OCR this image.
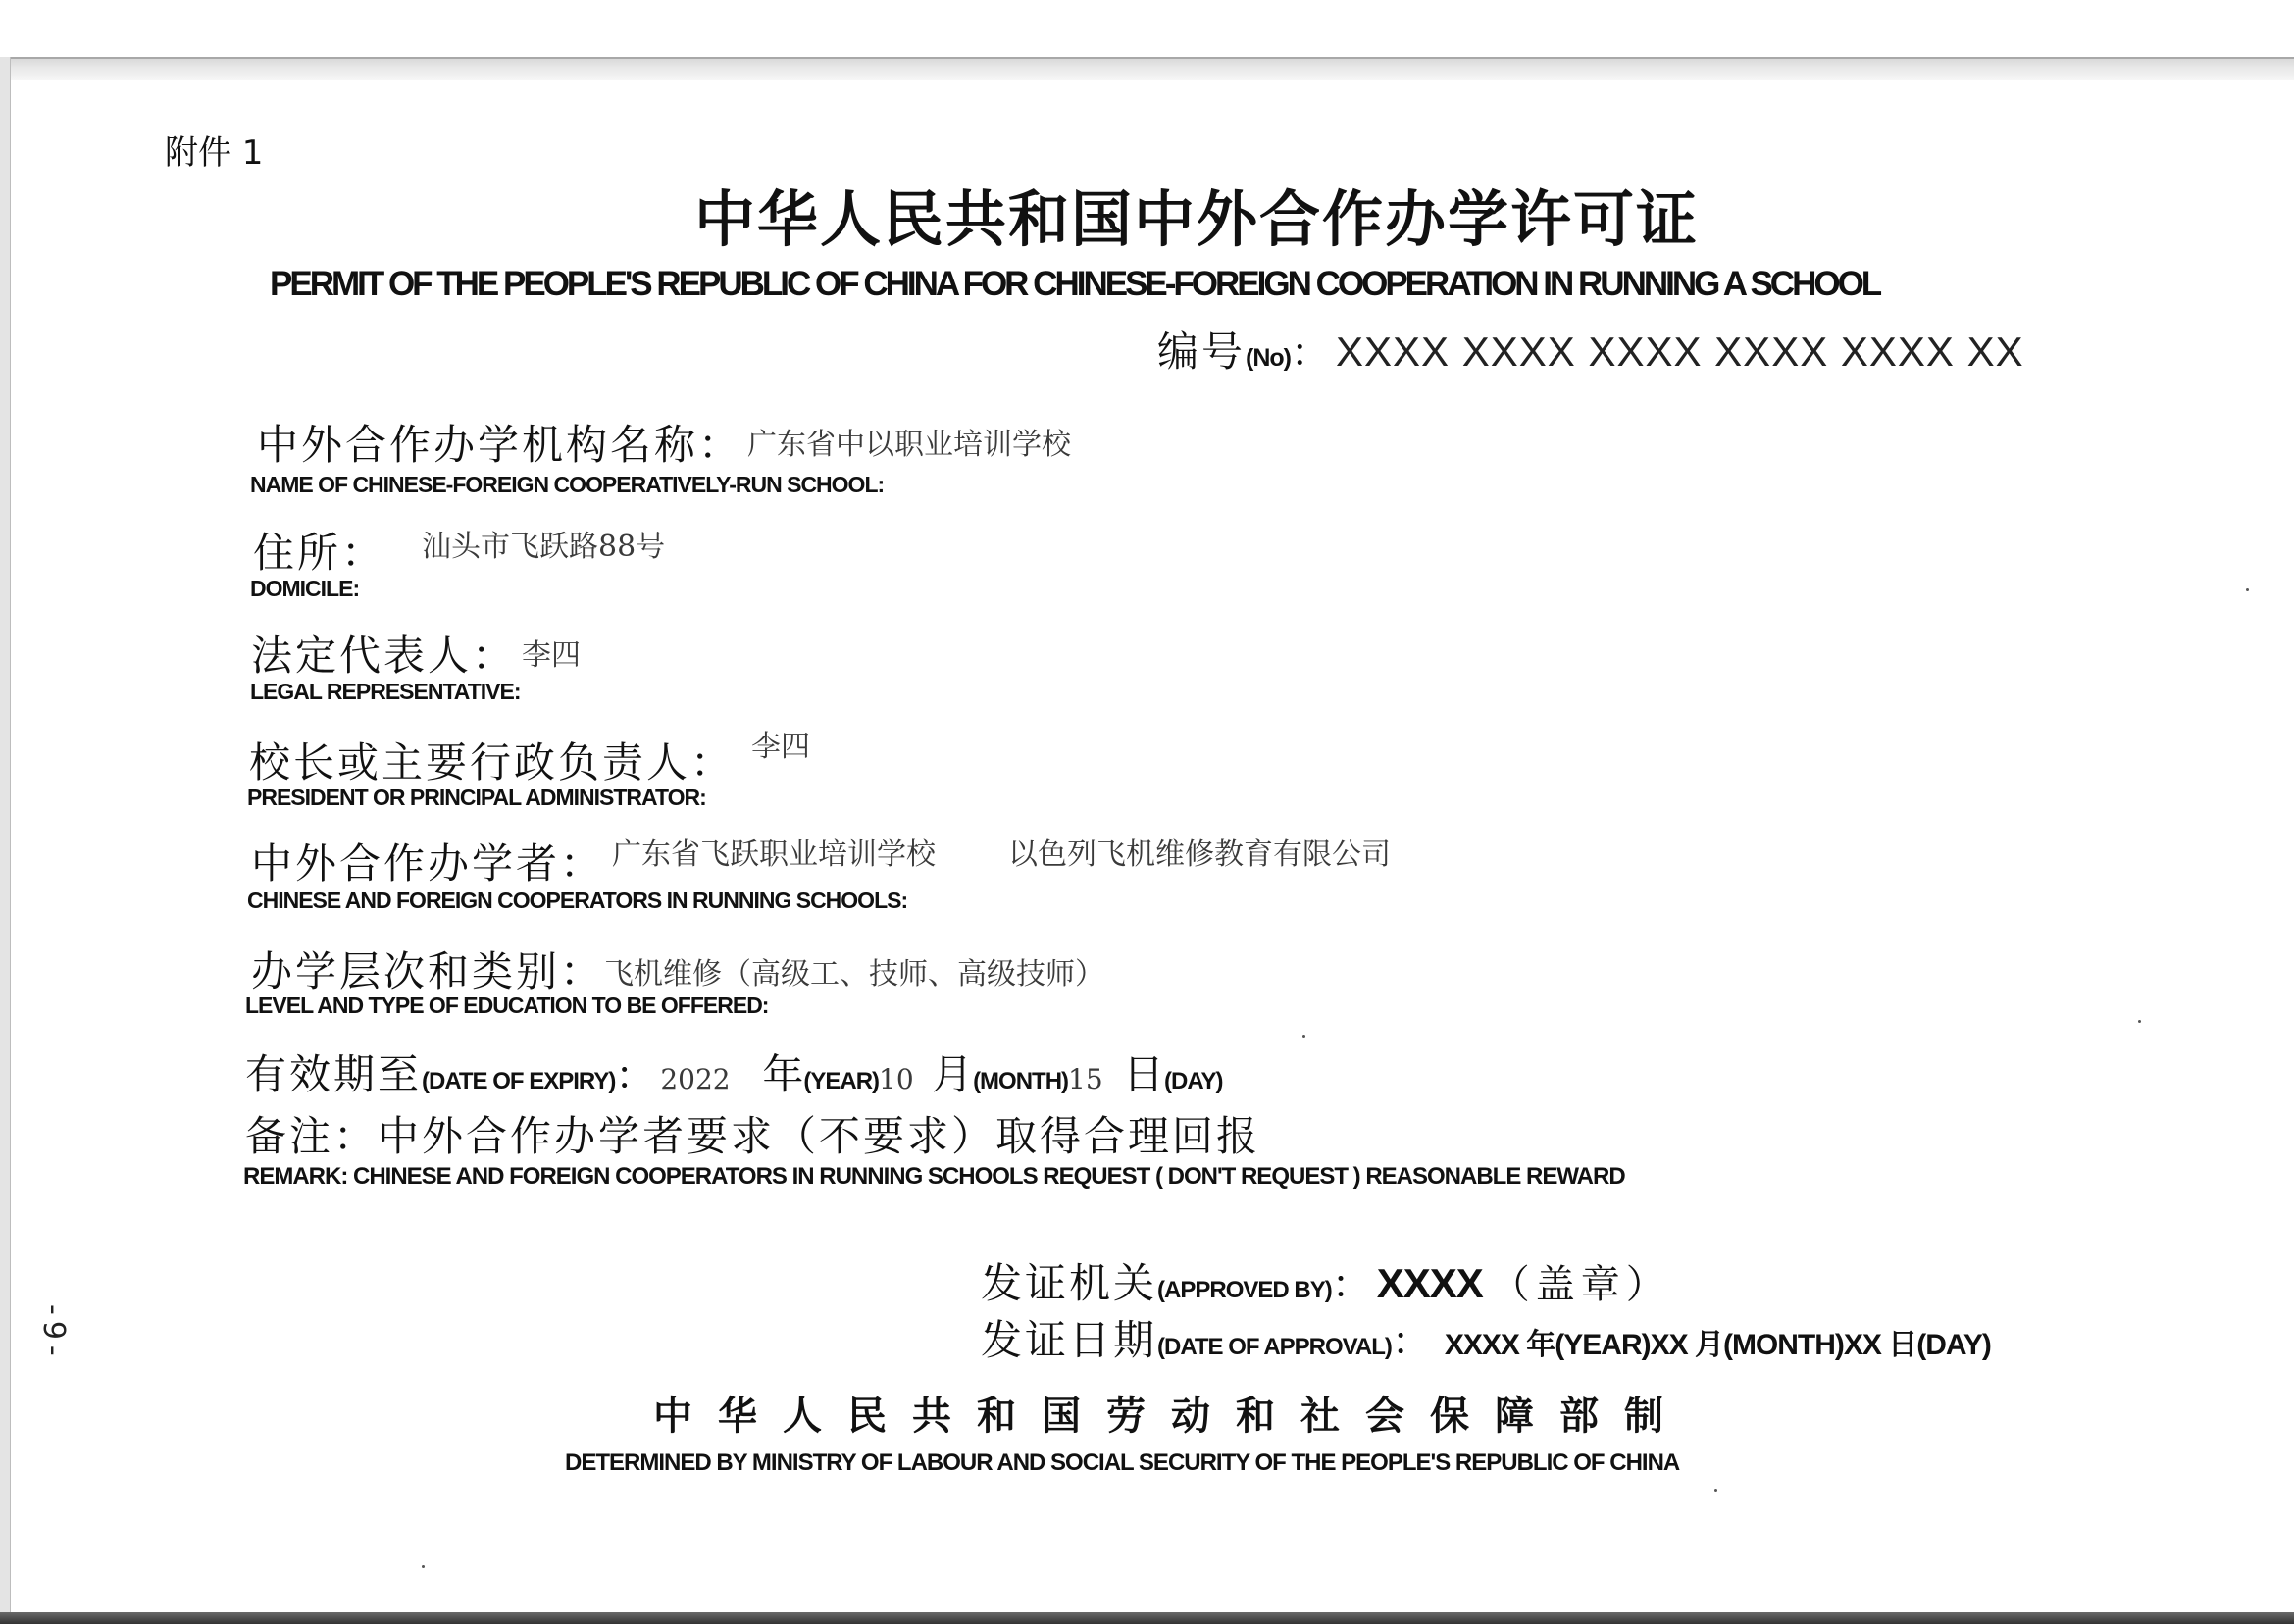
附件 1
中华人民共和国中外合作办学许可证
PERMIT OF THE PEOPLE'S REPUBLIC OF CHINA FOR CHINESE-FOREIGN COOPERATION IN RUNNING A SCHOOL
编号(No)： XXXX XXXX XXXX XXXX XXXX XX
中外合作办学机构名称： 广东省中以职业培训学校
NAME OF CHINESE-FOREIGN COOPERATIVELY-RUN SCHOOL:
住所： 汕头市飞跃路88号
DOMICILE:
法定代表人： 李四
LEGAL REPRESENTATIVE:
校长或主要行政负责人： 李四
PRESIDENT OR PRINCIPAL ADMINISTRATOR:
中外合作办学者： 广东省飞跃职业培训学校 以色列飞机维修教育有限公司
CHINESE AND FOREIGN COOPERATORS IN RUNNING SCHOOLS:
办学层次和类别： 飞机维修（高级工、技师、高级技师）
LEVEL AND TYPE OF EDUCATION TO BE OFFERED:
有效期至(DATE OF EXPIRY)： 2022 年(YEAR)10 月(MONTH)15 日(DAY)
备注：中外合作办学者要求（不要求）取得合理回报
REMARK: CHINESE AND FOREIGN COOPERATORS IN RUNNING SCHOOLS REQUEST ( DON'T REQUEST ) REASONABLE REWARD
发证机关(APPROVED BY)： XXXX （盖章）
发证日期(DATE OF APPROVAL)： XXXX 年(YEAR)XX 月(MONTH)XX 日(DAY)
中华人民共和国劳动和社会保障部制
DETERMINED BY MINISTRY OF LABOUR AND SOCIAL SECURITY OF THE PEOPLE'S REPUBLIC OF CHINA
-9-
